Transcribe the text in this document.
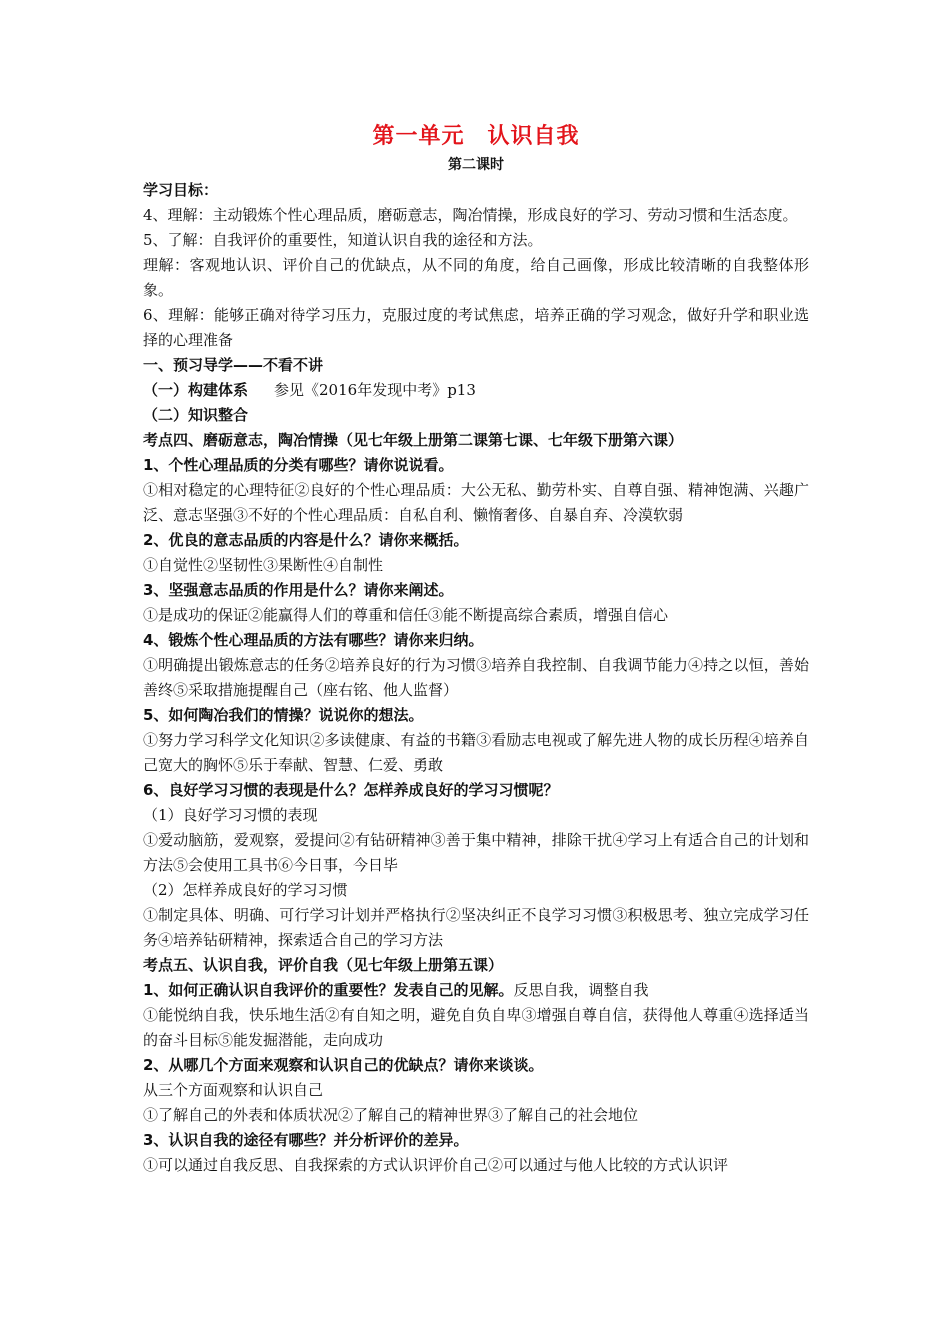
第一单元　认识自我
第二课时

学习目标：

4、理解：主动锻炼个性心理品质，磨砺意志，陶冶情操，形成良好的学习、劳动习惯和生活态度。

5、了解：自我评价的重要性，知道认识自我的途径和方法。

理解：客观地认识、评价自己的优缺点，从不同的角度，给自己画像，形成比较清晰的自我整体形象。

6、理解：能够正确对待学习压力，克服过度的考试焦虑，培养正确的学习观念，做好升学和职业选择的心理准备

一、预习导学——不看不讲

（一）构建体系 参见《2016年发现中考》p13

（二）知识整合

考点四、磨砺意志，陶冶情操（见七年级上册第二课第七课、七年级下册第六课）

1、个性心理品质的分类有哪些？请你说说看。

①相对稳定的心理特征②良好的个性心理品质：大公无私、勤劳朴实、自尊自强、精神饱满、兴趣广泛、意志坚强③不好的个性心理品质：自私自利、懒惰奢侈、自暴自弃、冷漠软弱

2、优良的意志品质的内容是什么？请你来概括。

①自觉性②坚韧性③果断性④自制性

3、坚强意志品质的作用是什么？请你来阐述。

①是成功的保证②能赢得人们的尊重和信任③能不断提高综合素质，增强自信心

4、锻炼个性心理品质的方法有哪些？请你来归纳。

①明确提出锻炼意志的任务②培养良好的行为习惯③培养自我控制、自我调节能力④持之以恒，善始善终⑤采取措施提醒自己（座右铭、他人监督）

5、如何陶冶我们的情操？说说你的想法。

①努力学习科学文化知识②多读健康、有益的书籍③看励志电视或了解先进人物的成长历程④培养自己宽大的胸怀⑤乐于奉献、智慧、仁爱、勇敢

6、良好学习习惯的表现是什么？怎样养成良好的学习习惯呢？

（1）良好学习习惯的表现

①爱动脑筋，爱观察，爱提问②有钻研精神③善于集中精神，排除干扰④学习上有适合自己的计划和方法⑤会使用工具书⑥今日事，今日毕

（2）怎样养成良好的学习习惯

①制定具体、明确、可行学习计划并严格执行②坚决纠正不良学习习惯③积极思考、独立完成学习任务④培养钻研精神，探索适合自己的学习方法

考点五、认识自我，评价自我（见七年级上册第五课）

1、如何正确认识自我评价的重要性？发表自己的见解。反思自我，调整自我

①能悦纳自我，快乐地生活②有自知之明，避免自负自卑③增强自尊自信，获得他人尊重④选择适当的奋斗目标⑤能发掘潜能，走向成功

2、从哪几个方面来观察和认识自己的优缺点？请你来谈谈。

从三个方面观察和认识自己

①了解自己的外表和体质状况②了解自己的精神世界③了解自己的社会地位

3、认识自我的途径有哪些？并分析评价的差异。

①可以通过自我反思、自我探索的方式认识评价自己②可以通过与他人比较的方式认识评
